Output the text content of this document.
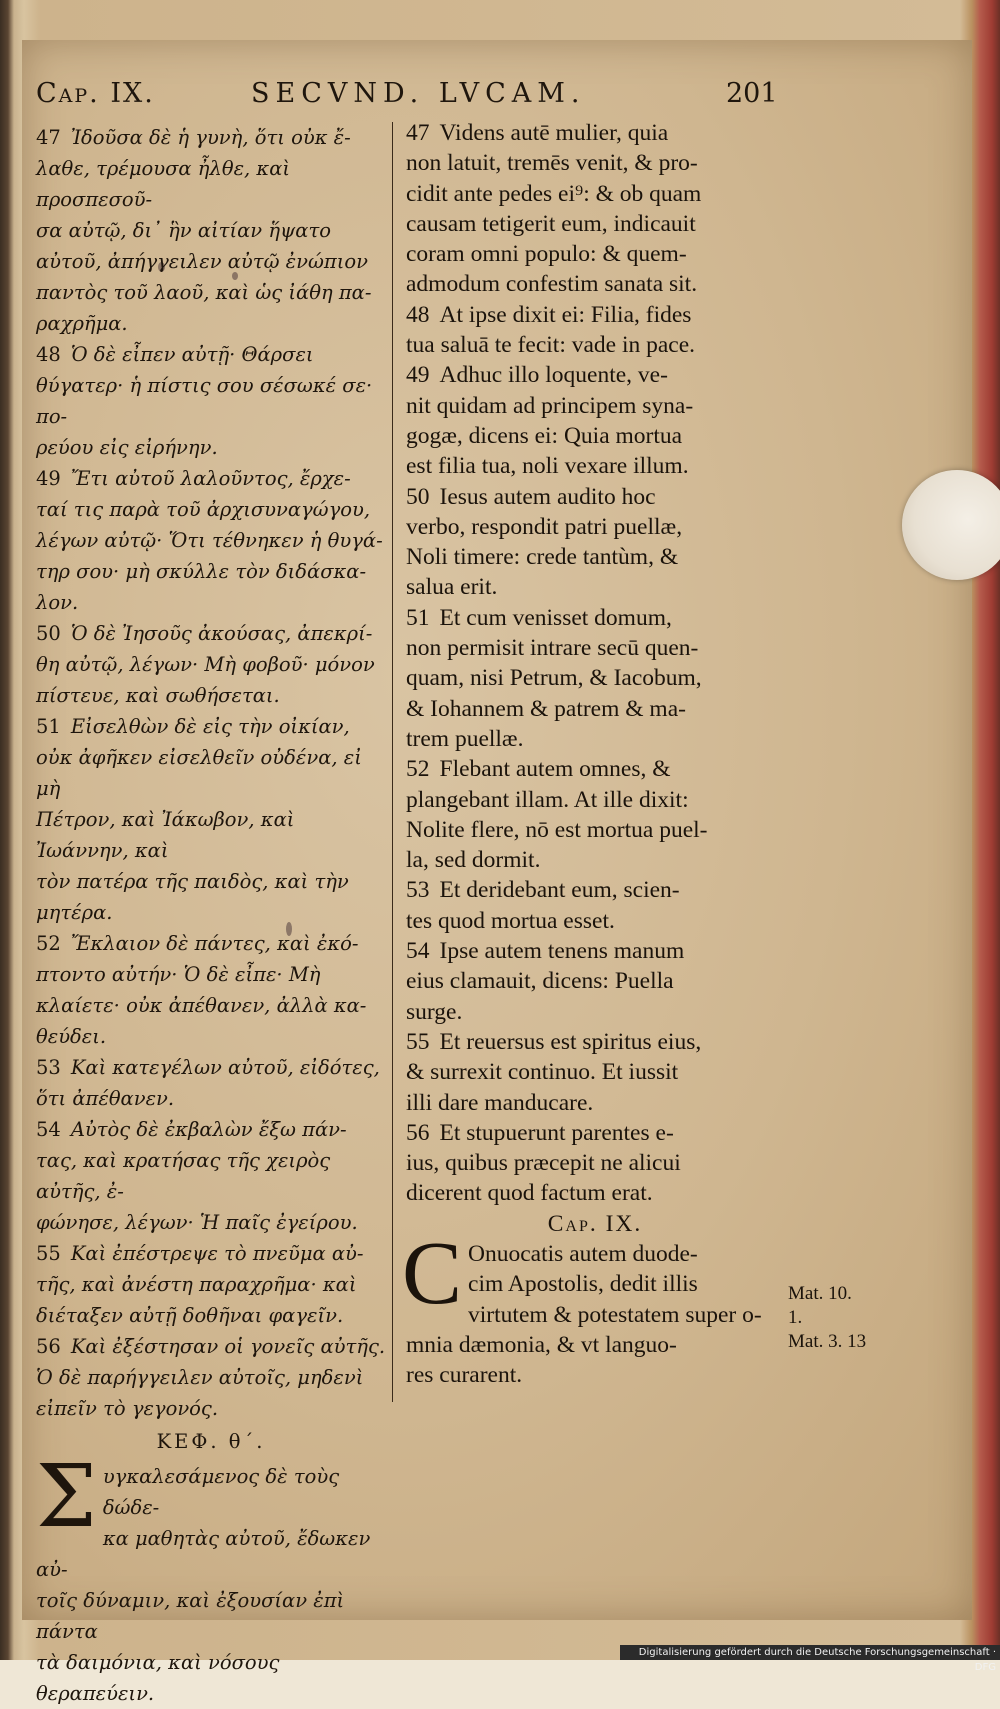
Cap. IX.	SECVND. LVCAM.	201
47 Ἰδοῦσα δὲ ἡ γυνὴ, ὅτι οὐκ ἔ-
λαθε, τρέμουσα ἦλθε, καὶ προσπεσοῦ-
σα αὐτῷ, δι᾽ ἣν αἰτίαν ἥψατο
αὐτοῦ, ἀπήγγειλεν αὐτῷ ἐνώπιον
παντὸς τοῦ λαοῦ, καὶ ὡς ἰάθη πα-
ραχρῆμα.
48 Ὁ δὲ εἶπεν αὐτῇ· Θάρσει
θύγατερ· ἡ πίστις σου σέσωκέ σε· πο-
ρεύου εἰς εἰρήνην.
49 Ἔτι αὐτοῦ λαλοῦντος, ἔρχε-
ταί τις παρὰ τοῦ ἀρχισυναγώγου,
λέγων αὐτῷ· Ὅτι τέθνηκεν ἡ θυγά-
τηρ σου· μὴ σκύλλε τὸν διδάσκα-
λον.
50 Ὁ δὲ Ἰησοῦς ἀκούσας, ἀπεκρί-
θη αὐτῷ, λέγων· Μὴ φοβοῦ· μόνον
πίστευε, καὶ σωθήσεται.
51 Εἰσελθὼν δὲ εἰς τὴν οἰκίαν,
οὐκ ἀφῆκεν εἰσελθεῖν οὐδένα, εἰ μὴ
Πέτρον, καὶ Ἰάκωβον, καὶ Ἰωάννην, καὶ
τὸν πατέρα τῆς παιδὸς, καὶ τὴν
μητέρα.
52 Ἔκλαιον δὲ πάντες, καὶ ἐκό-
πτοντο αὐτήν· Ὁ δὲ εἶπε· Μὴ
κλαίετε· οὐκ ἀπέθανεν, ἀλλὰ κα-
θεύδει.
53 Καὶ κατεγέλων αὐτοῦ, εἰδότες,
ὅτι ἀπέθανεν.
54 Αὐτὸς δὲ ἐκβαλὼν ἔξω πάν-
τας, καὶ κρατήσας τῆς χειρὸς αὐτῆς, ἐ-
φώνησε, λέγων· Ἡ παῖς ἐγείρου.
55 Καὶ ἐπέστρεψε τὸ πνεῦμα αὐ-
τῆς, καὶ ἀνέστη παραχρῆμα· καὶ
διέταξεν αὐτῇ δοθῆναι φαγεῖν.
56 Καὶ ἐξέστησαν οἱ γονεῖς αὐτῆς.
Ὁ δὲ παρήγγειλεν αὐτοῖς, μηδενὶ
εἰπεῖν τὸ γεγονός.
ΚΕΦ. θ΄.
Σ υγκαλεσάμενος δὲ τοὺς δώδε-
κα μαθητὰς αὐτοῦ, ἔδωκεν αὐ-
τοῖς δύναμιν, καὶ ἐξουσίαν ἐπὶ πάντα
τὰ δαιμόνια, καὶ νόσους θεραπεύειν.
47 Videns autē mulier, quia
non latuit, tremēs venit, & pro-
cidit ante pedes ei⁹: & ob quam
causam tetigerit eum, indicauit
coram omni populo: & quem-
admodum confestim sanata sit.
48 At ipse dixit ei: Filia, fides
tua saluā te fecit: vade in pace.
49 Adhuc illo loquente, ve-
nit quidam ad principem syna-
gogæ, dicens ei: Quia mortua
est filia tua, noli vexare illum.
50 Iesus autem audito hoc
verbo, respondit patri puellæ,
Noli timere: crede tantùm, &
salua erit.
51 Et cum venisset domum,
non permisit intrare secū quen-
quam, nisi Petrum, & Iacobum,
& Iohannem & patrem & ma-
trem puellæ.
52 Flebant autem omnes, &
plangebant illam. At ille dixit:
Nolite flere, nō est mortua puel-
la, sed dormit.
53 Et deridebant eum, scien-
tes quod mortua esset.
54 Ipse autem tenens manum
eius clamauit, dicens: Puella
surge.
55 Et reuersus est spiritus eius,
& surrexit continuo. Et iussit
illi dare manducare.
56 Et stupuerunt parentes e-
ius, quibus præcepit ne alicui
dicerent quod factum erat.
Cap. IX.
C Onuocatis autem duode-
cim Apostolis, dedit illis
virtutem & potestatem super o-
mnia dæmonia, & vt languo-
res curarent.
Mat. 10.
1.
Mat. 3. 13
Digitalisierung gefördert durch die Deutsche Forschungsgemeinschaft · DFG
